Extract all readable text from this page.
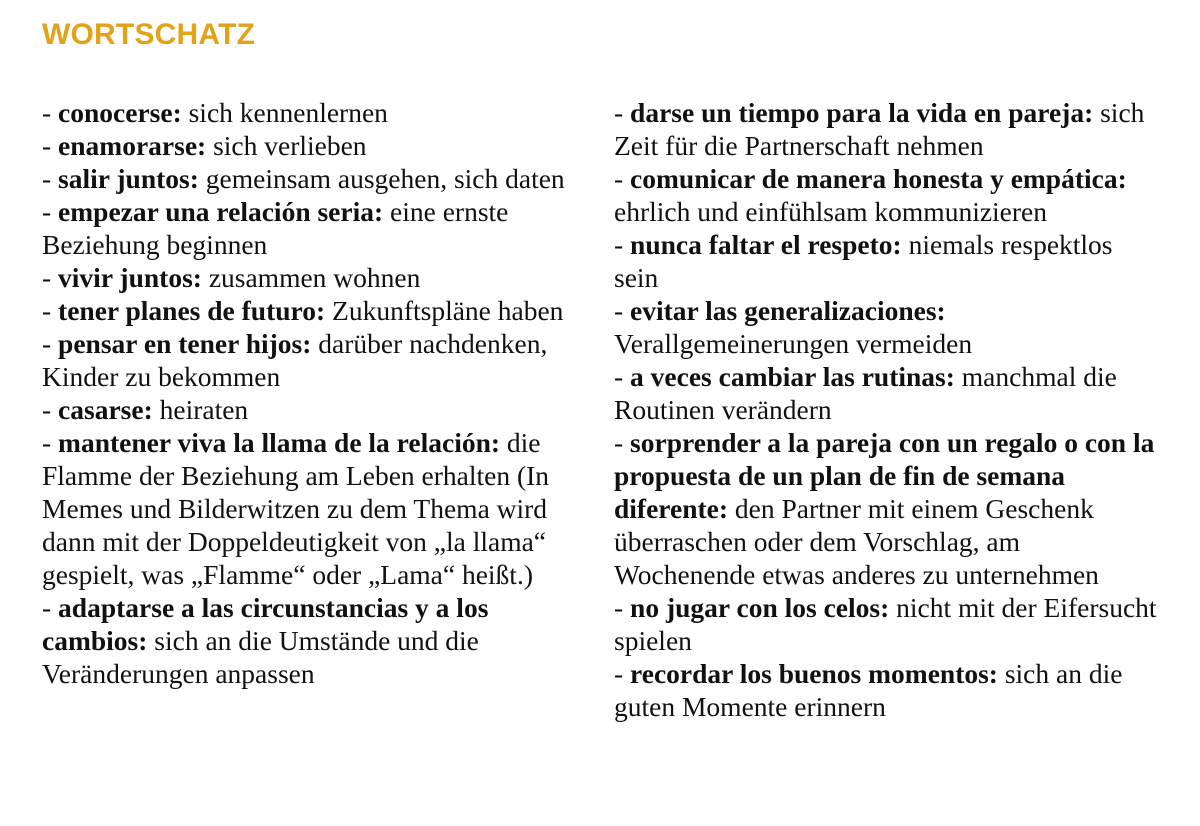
WORTSCHATZ
- conocerse: sich kennenlernen
- enamorarse: sich verlieben
- salir juntos: gemeinsam ausgehen, sich daten
- empezar una relación seria: eine ernste Beziehung beginnen
- vivir juntos: zusammen wohnen
- tener planes de futuro: Zukunftspläne haben
- pensar en tener hijos: darüber nachdenken, Kinder zu bekommen
- casarse: heiraten
- mantener viva la llama de la relación: die Flamme der Beziehung am Leben erhalten (In Memes und Bilderwitzen zu dem Thema wird dann mit der Doppeldeutigkeit von „la llama“ gespielt, was „Flamme“ oder „Lama“ heißt.)
- adaptarse a las circunstancias y a los cambios: sich an die Umstände und die Veränderungen anpassen
- darse un tiempo para la vida en pareja: sich Zeit für die Partnerschaft nehmen
- comunicar de manera honesta y empática: ehrlich und einfühlsam kommunizieren
- nunca faltar el respeto: niemals respektlos sein
- evitar las generalizaciones: Verallgemeinerungen vermeiden
- a veces cambiar las rutinas: manchmal die Routinen verändern
- sorprender a la pareja con un regalo o con la propuesta de un plan de fin de semana diferente: den Partner mit einem Geschenk überraschen oder dem Vorschlag, am Wochenende etwas anderes zu unternehmen
- no jugar con los celos: nicht mit der Eifersucht spielen
- recordar los buenos momentos: sich an die guten Momente erinnern
